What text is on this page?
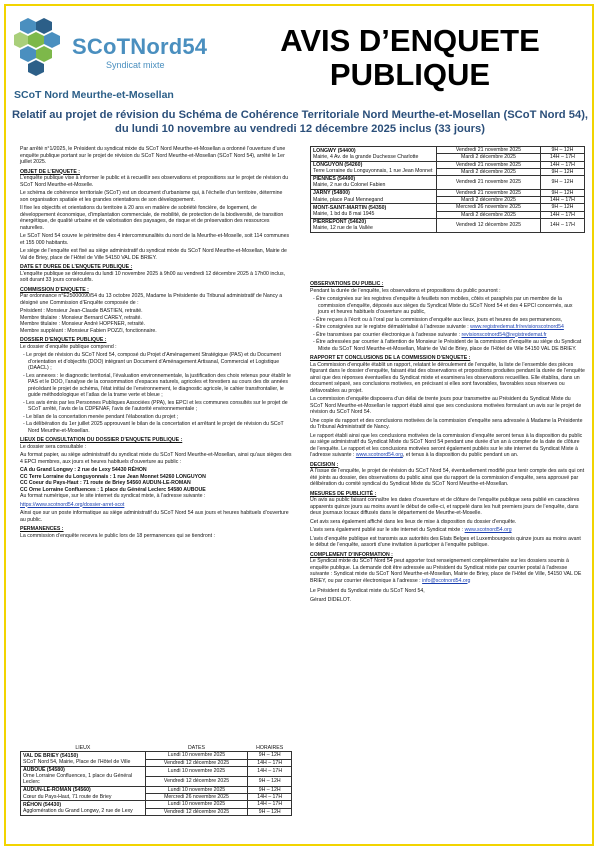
SCoTNord54
Syndicat mixte
SCoT Nord Meurthe-et-Mosellan
AVIS D’ENQUETE PUBLIQUE
Relatif au projet de révision du Schéma de Cohérence Territoriale Nord Meurthe-et-Mosellan (SCoT Nord 54), du lundi 10 novembre au vendredi 12 décembre 2025 inclus (33 jours)

Par arrêté n°1/2025, le Président du syndicat mixte du SCoT Nord Meurthe-et-Mosellan a ordonné l’ouverture d’une enquête publique portant sur le projet de révision du SCoT Nord Meurthe-et-Mosellan (SCoT Nord 54), arrêté le 1er juillet 2025.

OBJET DE L’ENQUETE :

L’enquête publique vise à informer le public et à recueillir ses observations et propositions sur le projet de révision du SCoT Nord Meurthe-et-Moselle.

Le schéma de cohérence territoriale (SCoT) est un document d’urbanisme qui, à l’échelle d’un territoire, détermine son organisation spatiale et les grandes orientations de son développement.

Il fixe les objectifs et orientations du territoire à 20 ans en matière de sobriété foncière, de logement, de développement économique, d’implantation commerciale, de mobilité, de protection de la biodiversité, de transition énergétique, de qualité urbaine et de valorisation des paysages, de risque et de préservation des ressources naturelles.

Le SCoT Nord 54 couvre le périmètre des 4 intercommunalités du nord de la Meurthe-et-Moselle, soit 114 communes et 155 000 habitants.

Le siège de l’enquête est fixé au siège administratif du syndicat mixte du SCoT Nord Meurthe-et-Mosellan, Mairie de Val de Briey, place de l’Hôtel de Ville 54150 VAL DE BRIEY.

DATE ET DUREE DE L’ENQUETE PUBLIQUE :

L’enquête publique se déroulera du lundi 10 novembre 2025 à 9h00 au vendredi 12 décembre 2025 à 17h00 inclus, soit durant 33 jours consécutifs.

COMMISSION D’ENQUETE :

Par ordonnance n°E25000090/54 du 13 octobre 2025, Madame la Présidente du Tribunal administratif de Nancy a désigné une Commission d’Enquête composée de :

Président : Monsieur Jean-Claude BASTIEN, retraité.
Membre titulaire : Monsieur Bernard CAREY, retraité.
Membre titulaire : Monsieur André HOPFNER, retraité.
Membre suppléant : Monsieur Fabien POZZI, fonctionnaire.
DOSSIER D’ENQUETE PUBLIQUE :

Le dossier d’enquête publique comprend :

- Le projet de révision du SCoT Nord 54, composé du Projet d’Aménagement Stratégique (PAS) et du Document d’orientation et d’objectifs (DOO) intégrant un Document d’Aménagement Artisanal, Commercial et Logistique (DAACL) ;
- Les annexes : le diagnostic territorial, l’évaluation environnementale, la justification des choix retenus pour établir le PAS et le DOO, l’analyse de la consommation d’espaces naturels, agricoles et forestiers au cours des dix années précédant le projet de schéma, l’état initial de l’environnement, le diagnostic agricole, le cahier transfrontalier, le guide méthodologique et l’atlas de la trame verte et bleue ;
- Les avis émis par les Personnes Publiques Associées (PPA), les EPCI et les communes consultés sur le projet de SCoT arrêté, l’avis de la CDPENAF, l’avis de l’autorité environnementale ;
- Le bilan de la concertation menée pendant l’élaboration du projet ;
- La délibération du 1er juillet 2025 approuvant le bilan de la concertation et arrêtant le projet de révision du SCoT Nord Meurthe-et-Mosellan.
LIEUX DE CONSULTATION DU DOSSIER D’ENQUETE PUBLIQUE :

Le dossier sera consultable :

Au format papier, au siège administratif du syndicat mixte du SCoT Nord Meurthe-et-Mosellan, ainsi qu’aux sièges des 4 EPCI membres, aux jours et heures habituels d’ouverture au public :

CA du Grand Longwy : 2 rue de Lexy 54430 RÉHON
CC Terre Lorraine du Longuyonnais : 1 rue Jean Monnet 54260 LONGUYON
CC Coeur du Pays-Haut : 71 route de Briey 54560 AUDUN-LE-ROMAN
CC Orne Lorraine Confluences : 1 place du Général Leclerc 54580 AUBOUE

Au format numérique, sur le site internet du syndicat mixte, à l’adresse suivante :

https://www.scotnord54.org/dossier-arret-scot

Ainsi que sur un poste informatique au siège administratif du SCoT Nord 54 aux jours et heures habituels d’ouverture au public.

PERMANENCES :

La commission d’enquête recevra le public lors de 18 permanences qui se tiendront :

LIEUX	DATES	HORAIRES

VAL DE BRIEY (54150)
SCoT Nord 54, Mairie, Place de l’Hôtel de Ville	Lundi 10 novembre 2025	9H – 12H
	Vendredi 12 décembre 2025	14H – 17H

AUBOUÉ (54580)
Orne Lorraine Confluences, 1 place du Général Leclerc	Lundi 10 novembre 2025	14H – 17H
	Vendredi 12 décembre 2025	9H – 12H

AUDUN-LE-ROMAN (54560)
Cœur du Pays-Haut, 71 route de Briey	Lundi 10 novembre 2025	9H – 12H
	Mercredi 26 novembre 2025	14H – 17H

RÉHON (54430)
Agglomération du Grand Longwy, 2 rue de Lexy	Lundi 10 novembre 2025	14H – 17H
	Vendredi 12 décembre 2025	9H – 12H
LONGWY (54400)
Mairie, 4 Av. de la grande Duchesse Charlotte	Vendredi 21 novembre 2025	9H – 12H
	Mardi 2 décembre 2025	14H – 17H

LONGUYON (54260)
Terre Lorraine du Longuyonnais, 1 rue Jean Monnet	Vendredi 21 novembre 2025	14H – 17H
	Mardi 2 décembre 2025	9H – 12H

PIENNES (54490)
Mairie, 2 rue du Colonel Fabien	Vendredi 21 novembre 2025	9H – 12H

JARNY (54800)
Mairie, place Paul Mennegand	Vendredi 21 novembre 2025	9H – 12H
	Mardi 2 décembre 2025	14H – 17H

MONT-SAINT-MARTIN (54350)
Mairie, 1 bd du 8 mai 1945	Mercredi 26 novembre 2025	9H – 12H
	Mardi 2 décembre 2025	14H – 17H

PIERREPONT (54620)
Mairie, 12 rue de la Vallée	Vendredi 12 décembre 2025	14H – 17H
OBSERVATIONS DU PUBLIC :

Pendant la durée de l’enquête, les observations et propositions du public pourront :

- Être consignées sur les registres d’enquête à feuillets non mobiles, côtés et paraphés par un membre de la commission d’enquête, déposés aux sièges du Syndicat Mixte du SCoT Nord 54 et des 4 EPCI concernés, aux jours et heures habituels d’ouverture au public,
- Être reçues à l’écrit ou à l’oral par la commission d’enquête aux lieux, jours et heures de ses permanences,
- Être consignées sur le registre dématérialisé à l’adresse suivante : www.registredemat.fr/revisionscotnord54
- Être transmises par courrier électronique à l’adresse suivante : revisionscotnord54@registredemat.fr
- Être adressées par courrier à l’attention de Monsieur le Président de la commission d’enquête au siège du Syndicat Mixte du SCoT Nord Meurthe-et-Mosellan, Mairie de Val de Briey, place de l’Hôtel de Ville 54150 VAL DE BRIEY.
RAPPORT ET CONCLUSIONS DE LA COMMISSION D’ENQUETE :

La Commission d’enquête établit un rapport, relatant le déroulement de l’enquête, la liste de l’ensemble des pièces figurant dans le dossier d’enquête, faisant état des observations et propositions produites pendant la durée de l’enquête ainsi que des réponses éventuelles du Syndicat mixte et examinera les observations recueillies. Elle établira, dans un document séparé, ses conclusions motivées, en précisant si elles sont favorables, favorables sous réserves ou défavorables au projet.

La commission d’enquête disposera d’un délai de trente jours pour transmettre au Président du Syndicat Mixte du SCoT Nord Meurthe-et-Mosellan le rapport établi ainsi que ses conclusions motivées formulant un avis sur le projet de révision du SCoT Nord 54.

Une copie du rapport et des conclusions motivées de la commission d’enquête sera adressée à Madame la Présidente du Tribunal Administratif de Nancy.

Le rapport établi ainsi que les conclusions motivées de la commission d’enquête seront tenus à la disposition du public au siège administratif du Syndicat Mixte du SCoT Nord 54 pendant une durée d’un an à compter de la date de clôture de l’enquête. Le rapport et les conclusions motivées seront également publiés sur le site internet du Syndicat Mixte à l’adresse suivante : www.scotnord54.org, et tenus à la disposition du public pendant un an.

DECISION :

À l’issue de l’enquête, le projet de révision du SCoT Nord 54, éventuellement modifié pour tenir compte des avis qui ont été joints au dossier, des observations du public ainsi que du rapport de la commission d’enquête, sera approuvé par délibération du comité syndical du Syndicat Mixte du SCoT Nord Meurthe-et-Mosellan.

MESURES DE PUBLICITÉ :

Un avis au public faisant connaître les dates d’ouverture et de clôture de l’enquête publique sera publié en caractères apparents quinze jours au moins avant le début de celle-ci, et rappelé dans les huit premiers jours de l’enquête, dans deux journaux locaux diffusés dans le département de Meurthe-et-Moselle.

Cet avis sera également affiché dans les lieux de mise à disposition du dossier d’enquête.

L’avis sera également publié sur le site internet du Syndicat mixte : www.scotnord54.org

L’avis d’enquête publique est transmis aux autorités des Etats Belges et Luxembourgeois quinze jours au moins avant le début de l’enquête, assorti d’une invitation à participer à l’enquête publique.

COMPLEMENT D’INFORMATION :

Le Syndicat mixte du SCoT Nord 54 peut apporter tout renseignement complémentaire sur les dossiers soumis à enquête publique. La demande doit être adressée au Président du Syndicat mixte par courrier postal à l’adresse suivante : Syndicat mixte du SCoT Nord Meurthe-et-Mosellan, Mairie de Briey, place de l’Hôtel de Ville, 54150 VAL DE BRIEY, ou par courrier électronique à l’adresse : info@scotnord54.org

Le Président du Syndicat mixte du SCoT Nord 54,

Gérard DIDELOT.
